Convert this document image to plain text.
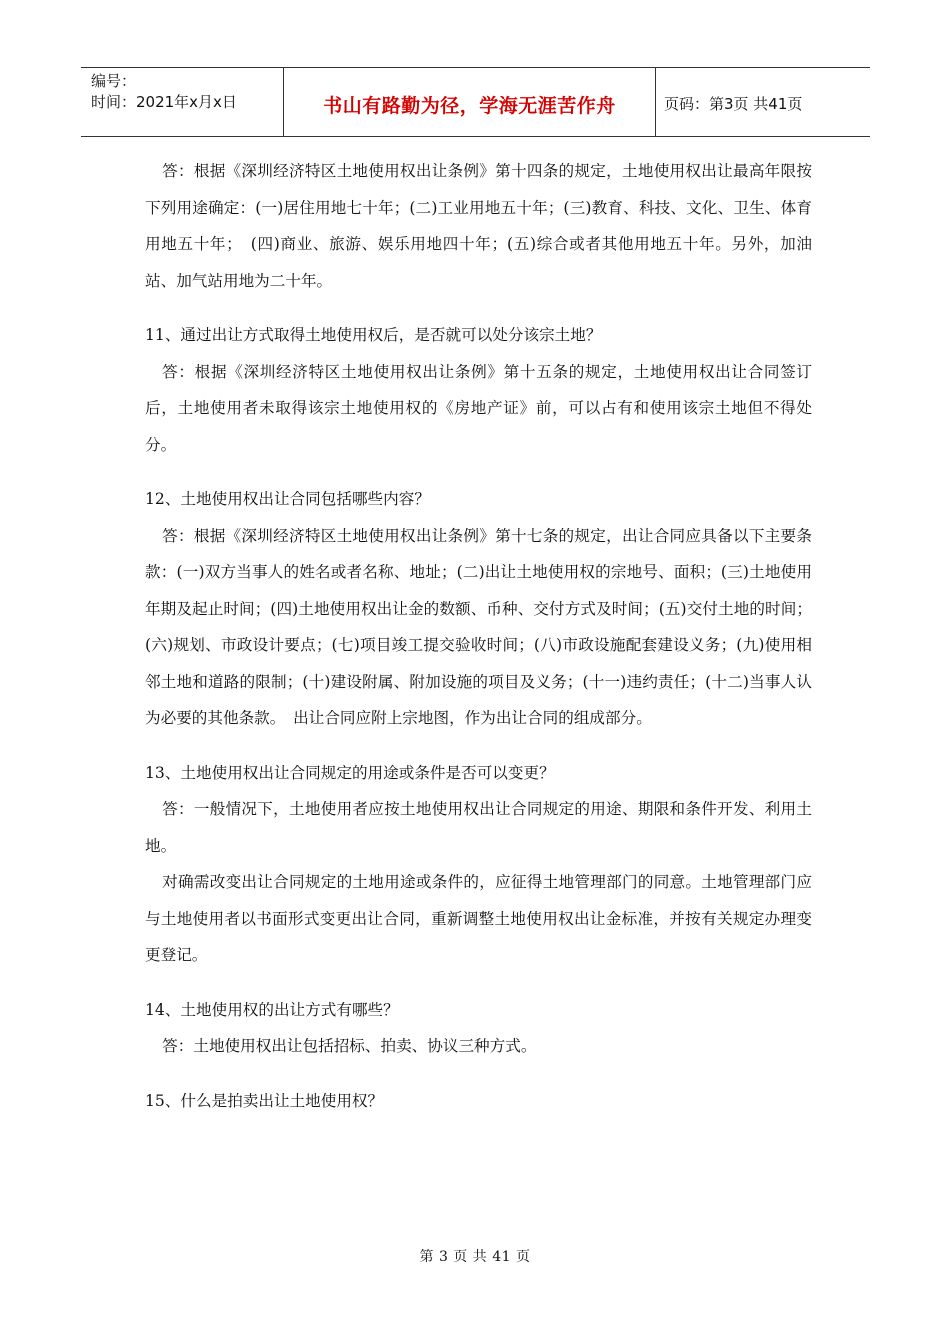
编号：
时间：2021年x月x日	书山有路勤为径，学海无涯苦作舟	页码：第3页 共41页

答：根据《深圳经济特区土地使用权出让条例》第十四条的规定，土地使用权出让最高年限按下列用途确定：(一)居住用地七十年；(二)工业用地五十年；(三)教育、科技、文化、卫生、体育用地五十年；　(四)商业、旅游、娱乐用地四十年；(五)综合或者其他用地五十年。另外，加油站、加气站用地为二十年。

11、通过出让方式取得土地使用权后，是否就可以处分该宗土地？

答：根据《深圳经济特区土地使用权出让条例》第十五条的规定，土地使用权出让合同签订后，土地使用者未取得该宗土地使用权的《房地产证》前，可以占有和使用该宗土地但不得处分。

12、土地使用权出让合同包括哪些内容？

答：根据《深圳经济特区土地使用权出让条例》第十七条的规定，出让合同应具备以下主要条款：(一)双方当事人的姓名或者名称、地址；(二)出让土地使用权的宗地号、面积；(三)土地使用年期及起止时间；(四)土地使用权出让金的数额、币种、交付方式及时间；(五)交付土地的时间；(六)规划、市政设计要点；(七)项目竣工提交验收时间；(八)市政设施配套建设义务；(九)使用相邻土地和道路的限制；(十)建设附属、附加设施的项目及义务；(十一)违约责任；(十二)当事人认为必要的其他条款。　出让合同应附上宗地图，作为出让合同的组成部分。

13、土地使用权出让合同规定的用途或条件是否可以变更？

答：一般情况下，土地使用者应按土地使用权出让合同规定的用途、期限和条件开发、利用土地。

对确需改变出让合同规定的土地用途或条件的，应征得土地管理部门的同意。土地管理部门应与土地使用者以书面形式变更出让合同，重新调整土地使用权出让金标准，并按有关规定办理变更登记。

14、土地使用权的出让方式有哪些？

答：土地使用权出让包括招标、拍卖、协议三种方式。

15、什么是拍卖出让土地使用权？

第 3 页 共 41 页
